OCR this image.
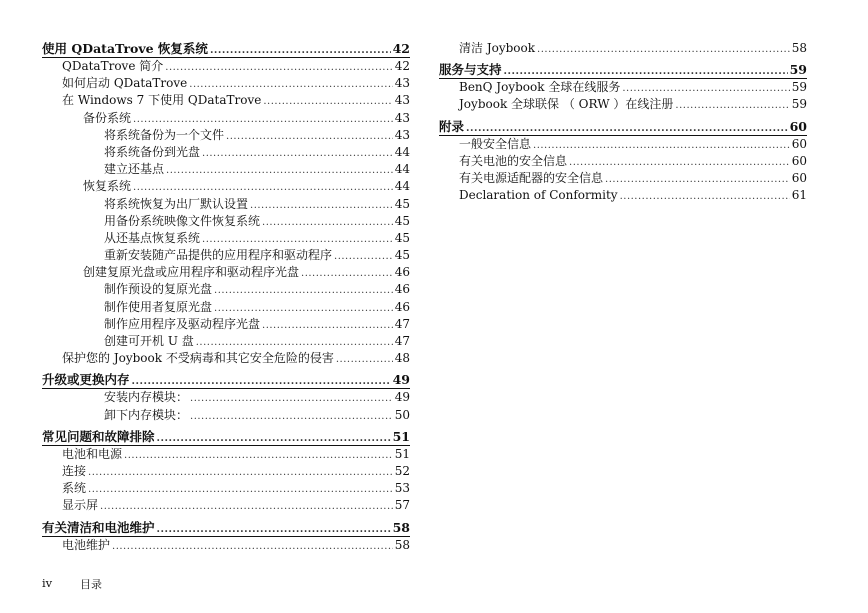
使用 QDataTrove 恢复系统 .....	42
QDataTrove 简介 .....	42
如何启动 QDataTrove .....	43
在 Windows 7 下使用 QDataTrove .....	43
备份系统 .....	43
将系统备份为一个文件 .....	43
将系统备份到光盘 .....	44
建立还基点 .....	44
恢复系统 .....	44
将系统恢复为出厂默认设置 .....	45
用备份系统映像文件恢复系统 .....	45
从还基点恢复系统 .....	45
重新安装随产品提供的应用程序和驱动程序 .....	45
创建复原光盘或应用程序和驱动程序光盘 .....	46
制作预设的复原光盘 .....	46
制作使用者复原光盘 .....	46
制作应用程序及驱动程序光盘 .....	47
创建可开机 U 盘 .....	47
保护您的 Joybook 不受病毒和其它安全危险的侵害 .....	48
升级或更换内存 .....	49
安装内存模块： .....	49
卸下内存模块： .....	50
常见问题和故障排除 .....	51
电池和电源 .....	51
连接 .....	52
系统 .....	53
显示屏 .....	57
有关清洁和电池维护 .....	58
电池维护 .....	58
清洁 Joybook .....	58
服务与支持 .....	59
BenQ Joybook 全球在线服务 .....	59
Joybook 全球联保 （ ORW ）在线注册 .....	59
附录 .....	60
一般安全信息 .....	60
有关电池的安全信息 .....	60
有关电源适配器的安全信息 .....	60
Declaration of Conformity .....	61
iv	目录
